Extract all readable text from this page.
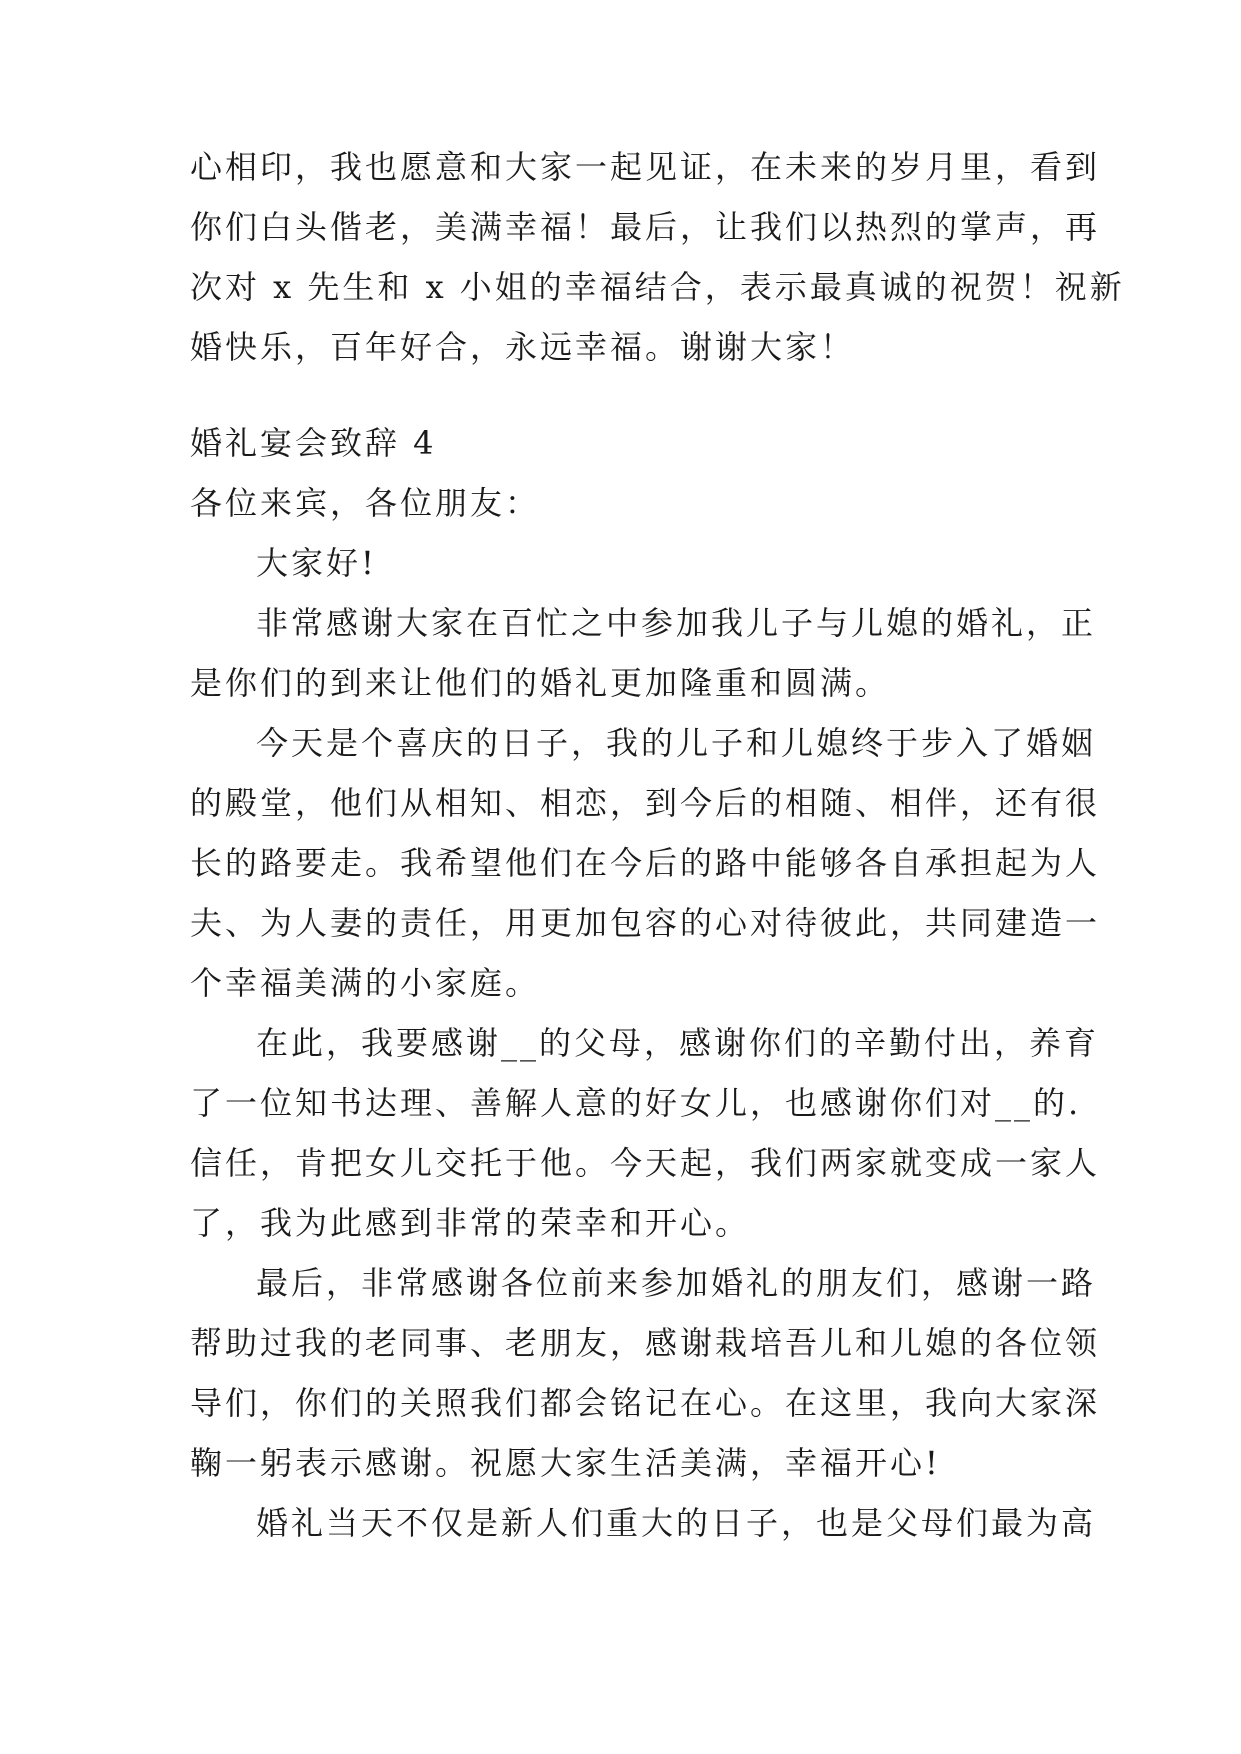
心相印，我也愿意和大家一起见证，在未来的岁月里，看到
你们白头偕老，美满幸福！最后，让我们以热烈的掌声，再
次对 x 先生和 x 小姐的幸福结合，表示最真诚的祝贺！祝新
婚快乐，百年好合，永远幸福。谢谢大家！
婚礼宴会致辞 4
各位来宾，各位朋友：
大家好!
非常感谢大家在百忙之中参加我儿子与儿媳的婚礼，正
是你们的到来让他们的婚礼更加隆重和圆满。
今天是个喜庆的日子，我的儿子和儿媳终于步入了婚姻
的殿堂，他们从相知、相恋，到今后的相随、相伴，还有很
长的路要走。我希望他们在今后的路中能够各自承担起为人
夫、为人妻的责任，用更加包容的心对待彼此，共同建造一
个幸福美满的小家庭。
在此，我要感谢__的父母，感谢你们的辛勤付出，养育
了一位知书达理、善解人意的好女儿，也感谢你们对__的.
信任，肯把女儿交托于他。今天起，我们两家就变成一家人
了，我为此感到非常的荣幸和开心。
最后，非常感谢各位前来参加婚礼的朋友们，感谢一路
帮助过我的老同事、老朋友，感谢栽培吾儿和儿媳的各位领
导们，你们的关照我们都会铭记在心。在这里，我向大家深
鞠一躬表示感谢。祝愿大家生活美满，幸福开心!
婚礼当天不仅是新人们重大的日子，也是父母们最为高
